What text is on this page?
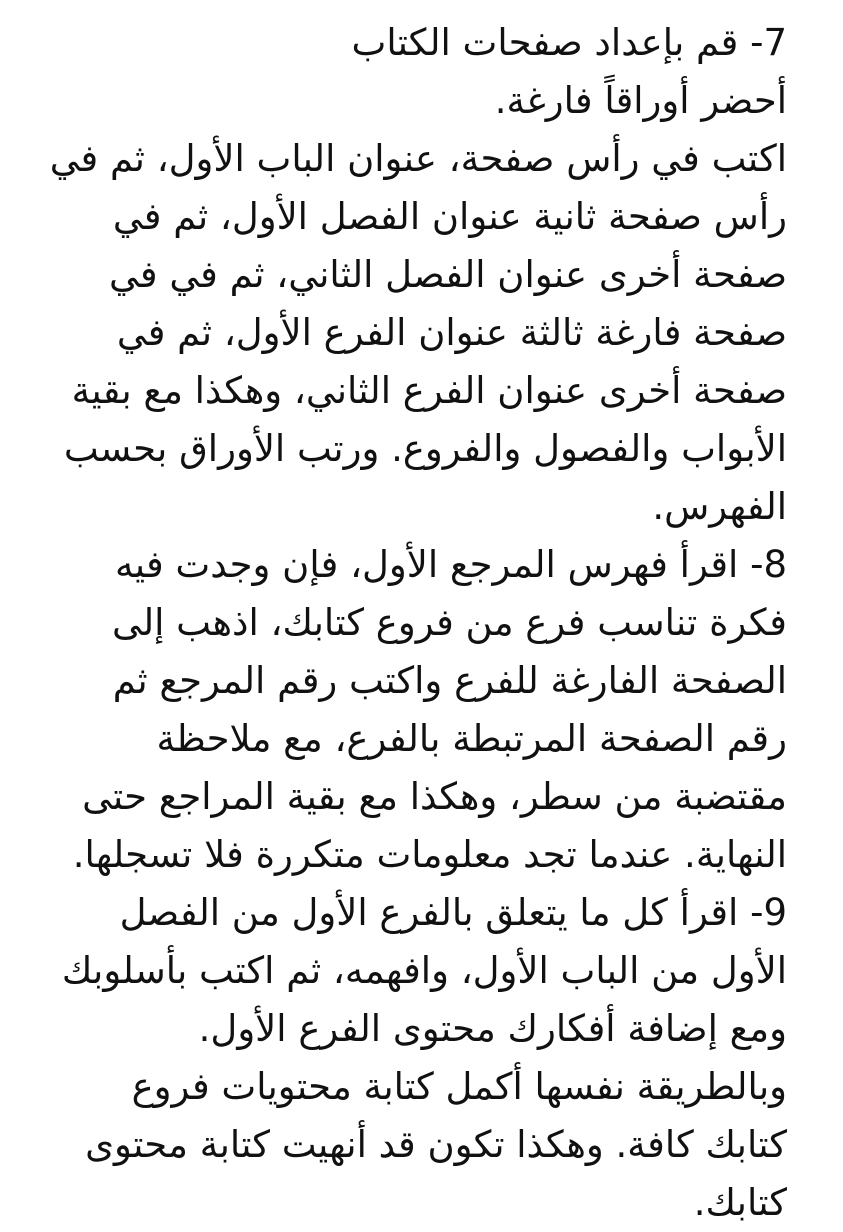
7- قم بإعداد صفحات الكتاب
أحضر أوراقاً فارغة.
اكتب في رأس صفحة، عنوان الباب الأول، ثم في
رأس صفحة ثانية عنوان الفصل الأول، ثم في
صفحة أخرى عنوان الفصل الثاني، ثم في في
صفحة فارغة ثالثة عنوان الفرع الأول، ثم في
صفحة أخرى عنوان الفرع الثاني، وهكذا مع بقية
الأبواب والفصول والفروع. ورتب الأوراق بحسب
الفهرس.
8- اقرأ فهرس المرجع الأول، فإن وجدت فيه
فكرة تناسب فرع من فروع كتابك، اذهب إلى
الصفحة الفارغة للفرع واكتب رقم المرجع ثم
رقم الصفحة المرتبطة بالفرع، مع ملاحظة
مقتضبة من سطر، وهكذا مع بقية المراجع حتى
النهاية. عندما تجد معلومات متكررة فلا تسجلها.
9- اقرأ كل ما يتعلق بالفرع الأول من الفصل
الأول من الباب الأول، وافهمه، ثم اكتب بأسلوبك
ومع إضافة أفكارك محتوى الفرع الأول.
وبالطريقة نفسها أكمل كتابة محتويات فروع
كتابك كافة. وهكذا تكون قد أنهيت كتابة محتوى
كتابك.
